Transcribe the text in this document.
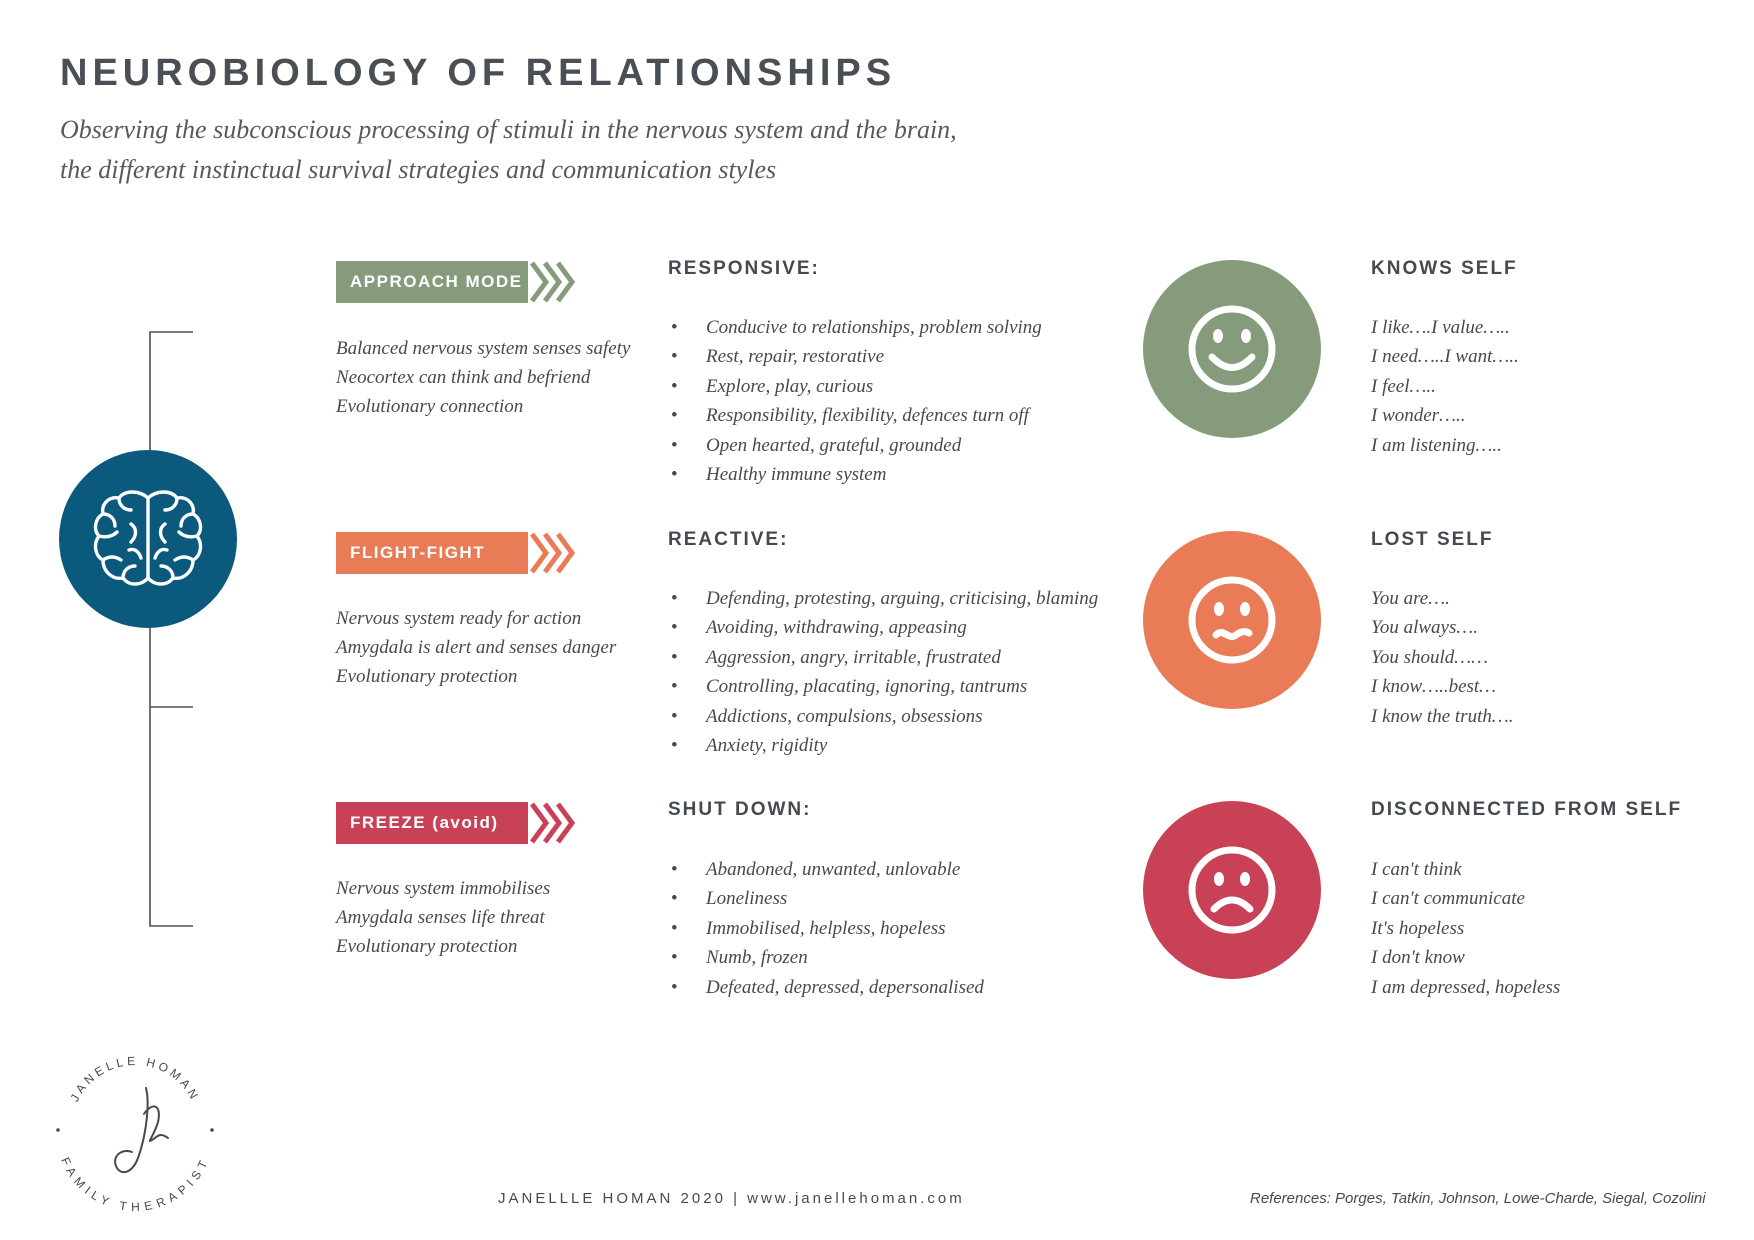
NEUROBIOLOGY OF RELATIONSHIPS
Observing the subconscious processing of stimuli in the nervous system and the brain,
the different instinctual survival strategies and communication styles
APPROACH MODE
Balanced nervous system senses safety
Neocortex can think and befriend
Evolutionary connection
RESPONSIVE:
• Conducive to relationships, problem solving
• Rest, repair, restorative
• Explore, play, curious
• Responsibility, flexibility, defences turn off
• Open hearted, grateful, grounded
• Healthy immune system
KNOWS SELF
I like….I value…..
I need…..I want…..
I feel…..
I wonder…..
I am listening…..
FLIGHT-FIGHT
Nervous system ready for action
Amygdala is alert and senses danger
Evolutionary protection
REACTIVE:
• Defending, protesting, arguing, criticising, blaming
• Avoiding, withdrawing, appeasing
• Aggression, angry, irritable, frustrated
• Controlling, placating, ignoring, tantrums
• Addictions, compulsions, obsessions
• Anxiety, rigidity
LOST SELF
You are….
You always….
You should……
I know…..best…
I know the truth….
FREEZE (avoid)
Nervous system immobilises
Amygdala senses life threat
Evolutionary protection
SHUT DOWN:
• Abandoned, unwanted, unlovable
• Loneliness
• Immobilised, helpless, hopeless
• Numb, frozen
• Defeated, depressed, depersonalised
DISCONNECTED FROM SELF
I can't think
I can't communicate
It's hopeless
I don't know
I am depressed, hopeless
JANELLE HOMAN
FAMILY THERAPIST
JANELLLE HOMAN 2020 | www.janellehoman.com	References: Porges, Tatkin, Johnson, Lowe-Charde, Siegal, Cozolini
